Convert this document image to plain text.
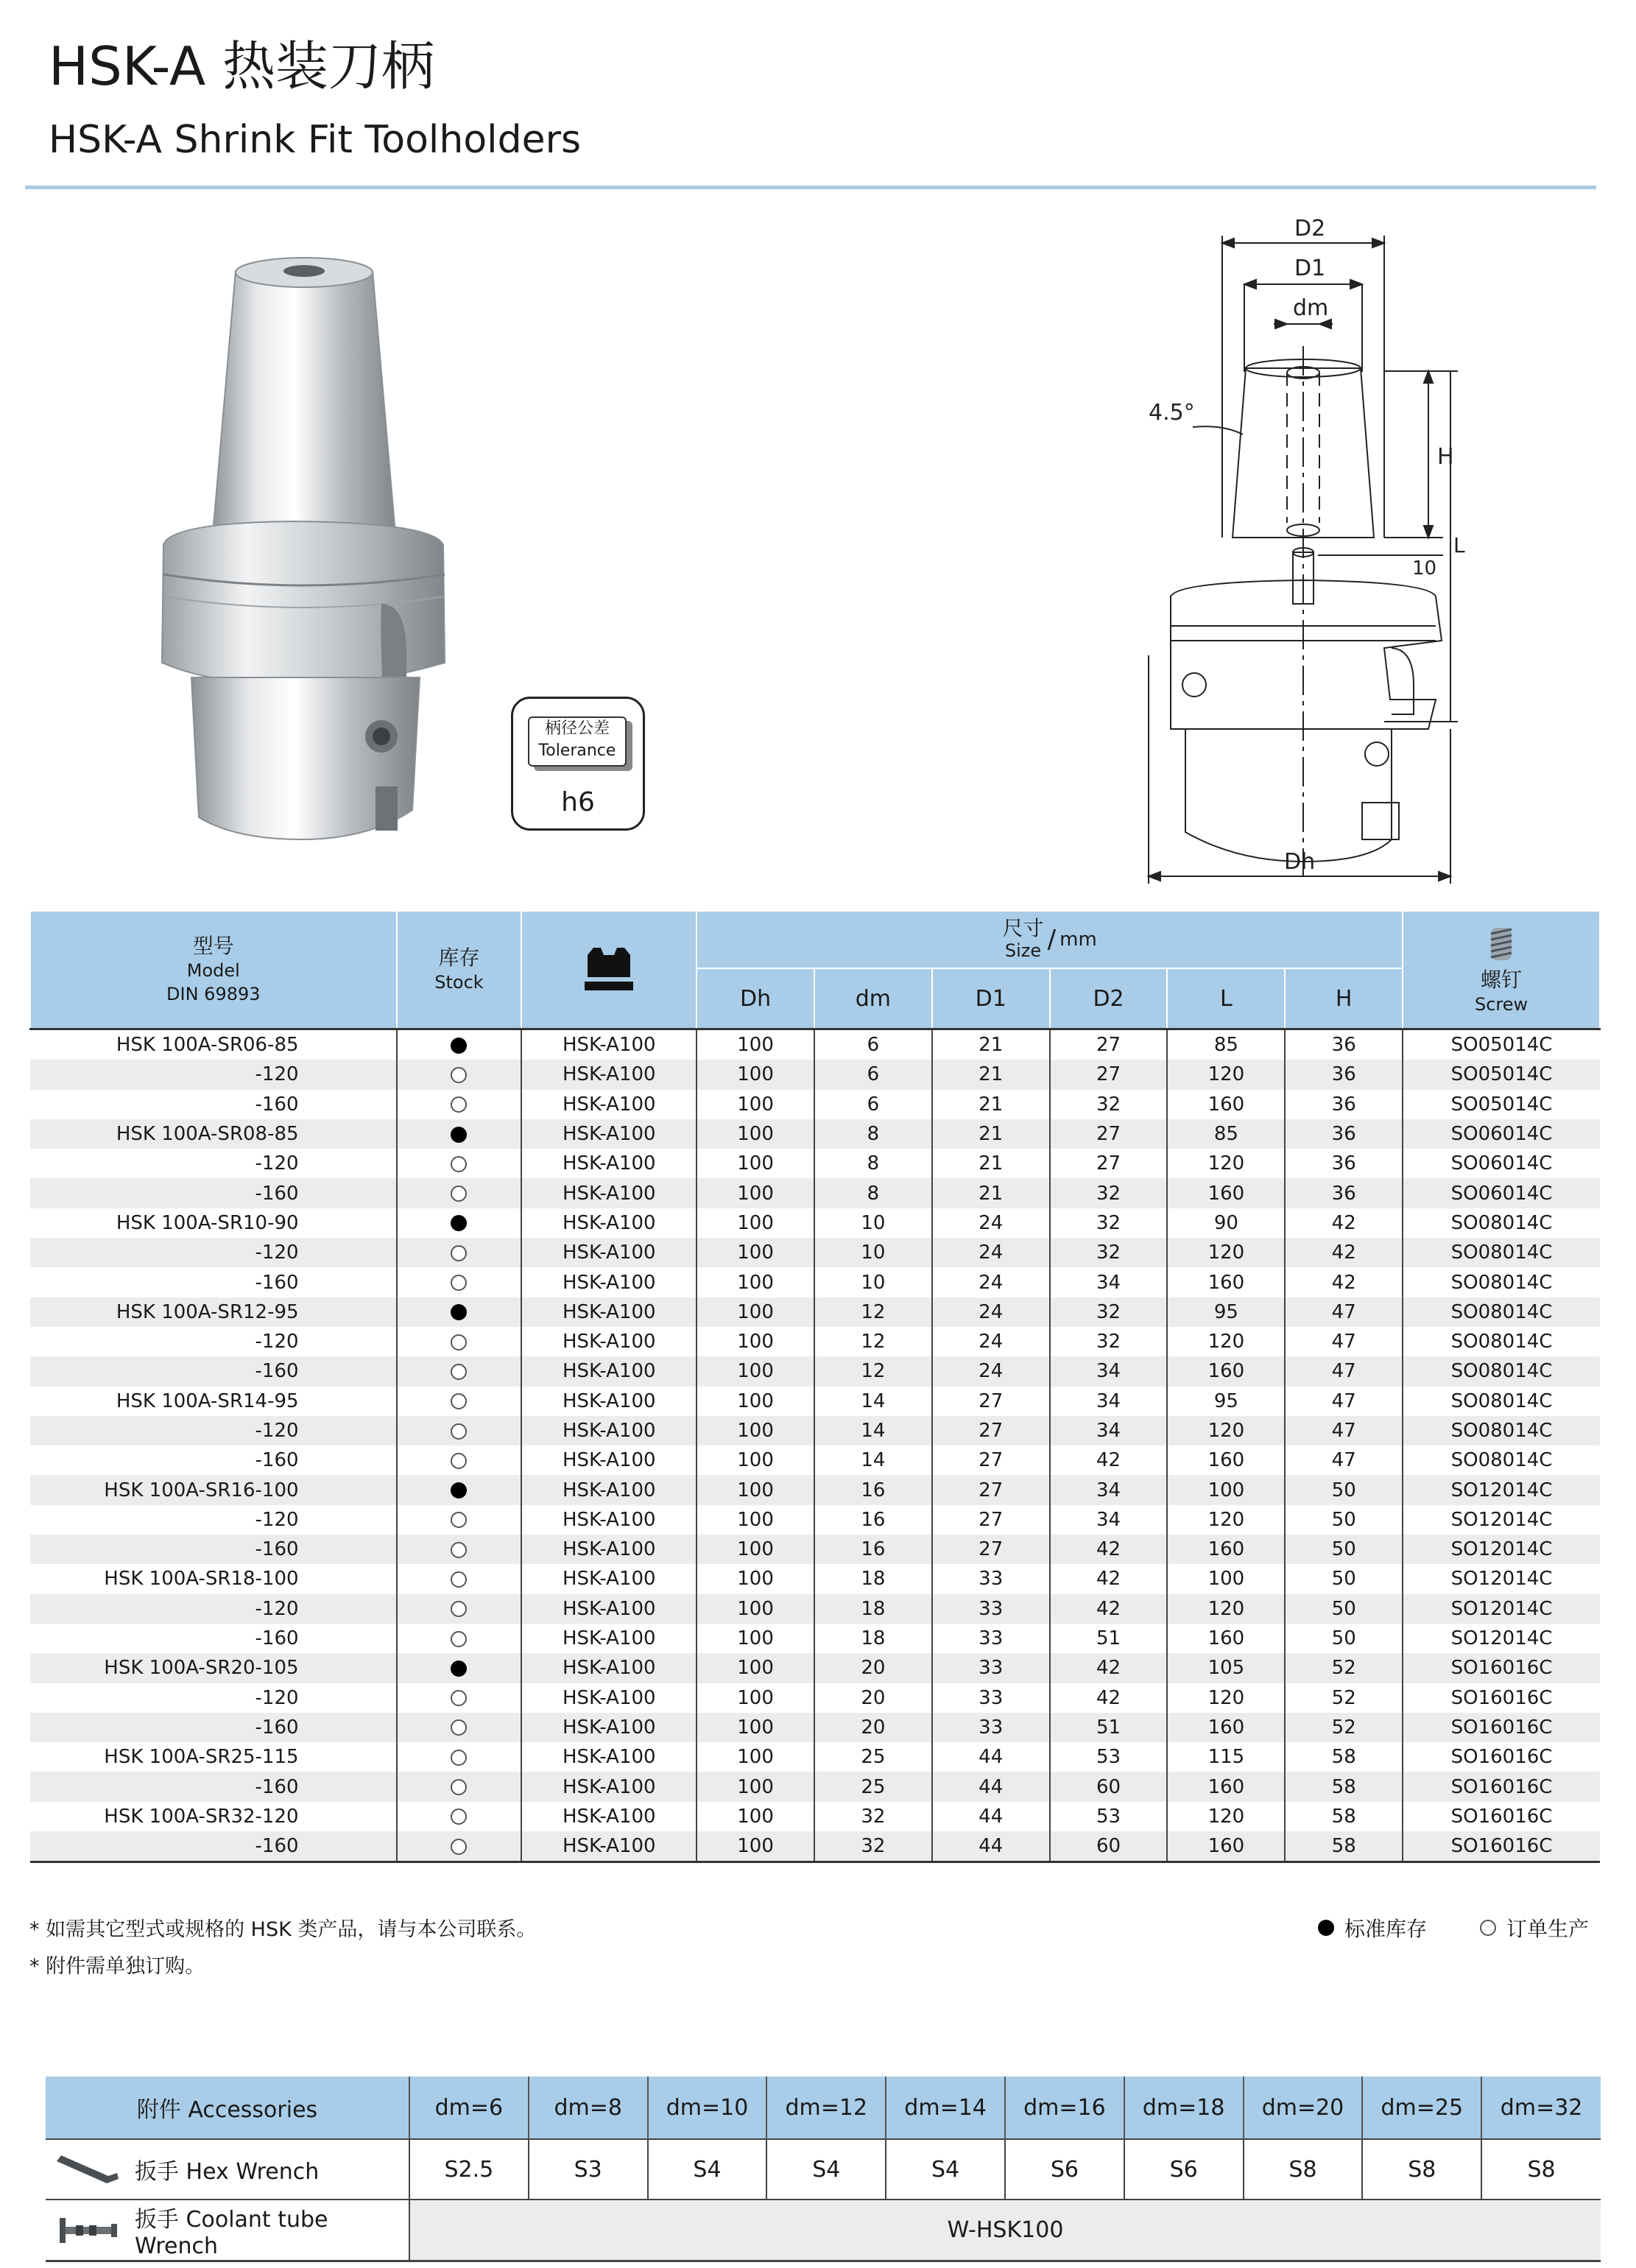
HSK-A 热装刀柄
HSK-A Shrink Fit Toolholders
柄径公差
Tolerance
h6
D2
D1
dm
4.5°
H
10
L
Dh
型号
Model
DIN 69893	库存
Stock		尺寸
Size / mm						螺钉
Screw

			Dh	dm	D1	D2	L	H	
HSK 100A-SR06-85		HSK-A100	100	6	21	27	85	36	SO05014C
-120		HSK-A100	100	6	21	27	120	36	SO05014C
-160		HSK-A100	100	6	21	32	160	36	SO05014C
HSK 100A-SR08-85		HSK-A100	100	8	21	27	85	36	SO06014C
-120		HSK-A100	100	8	21	27	120	36	SO06014C
-160		HSK-A100	100	8	21	32	160	36	SO06014C
HSK 100A-SR10-90		HSK-A100	100	10	24	32	90	42	SO08014C
-120		HSK-A100	100	10	24	32	120	42	SO08014C
-160		HSK-A100	100	10	24	34	160	42	SO08014C
HSK 100A-SR12-95		HSK-A100	100	12	24	32	95	47	SO08014C
-120		HSK-A100	100	12	24	32	120	47	SO08014C
-160		HSK-A100	100	12	24	34	160	47	SO08014C
HSK 100A-SR14-95		HSK-A100	100	14	27	34	95	47	SO08014C
-120		HSK-A100	100	14	27	34	120	47	SO08014C
-160		HSK-A100	100	14	27	42	160	47	SO08014C
HSK 100A-SR16-100		HSK-A100	100	16	27	34	100	50	SO12014C
-120		HSK-A100	100	16	27	34	120	50	SO12014C
-160		HSK-A100	100	16	27	42	160	50	SO12014C
HSK 100A-SR18-100		HSK-A100	100	18	33	42	100	50	SO12014C
-120		HSK-A100	100	18	33	42	120	50	SO12014C
-160		HSK-A100	100	18	33	51	160	50	SO12014C
HSK 100A-SR20-105		HSK-A100	100	20	33	42	105	52	SO16016C
-120		HSK-A100	100	20	33	42	120	52	SO16016C
-160		HSK-A100	100	20	33	51	160	52	SO16016C
HSK 100A-SR25-115		HSK-A100	100	25	44	53	115	58	SO16016C
-160		HSK-A100	100	25	44	60	160	58	SO16016C
HSK 100A-SR32-120		HSK-A100	100	32	44	53	120	58	SO16016C
-160		HSK-A100	100	32	44	60	160	58	SO16016C
* 如需其它型式或规格的 HSK 类产品，请与本公司联系。
* 附件需单独订购。
标准库存	订单生产
附件 Accessories	dm=6	dm=8	dm=10	dm=12	dm=14	dm=16	dm=18	dm=20	dm=25	dm=32

扳手 Hex Wrench	S2.5	S3	S4	S4	S4	S6	S6	S8	S8	S8

扳手 Coolant tube Wrench	W-HSK100									
